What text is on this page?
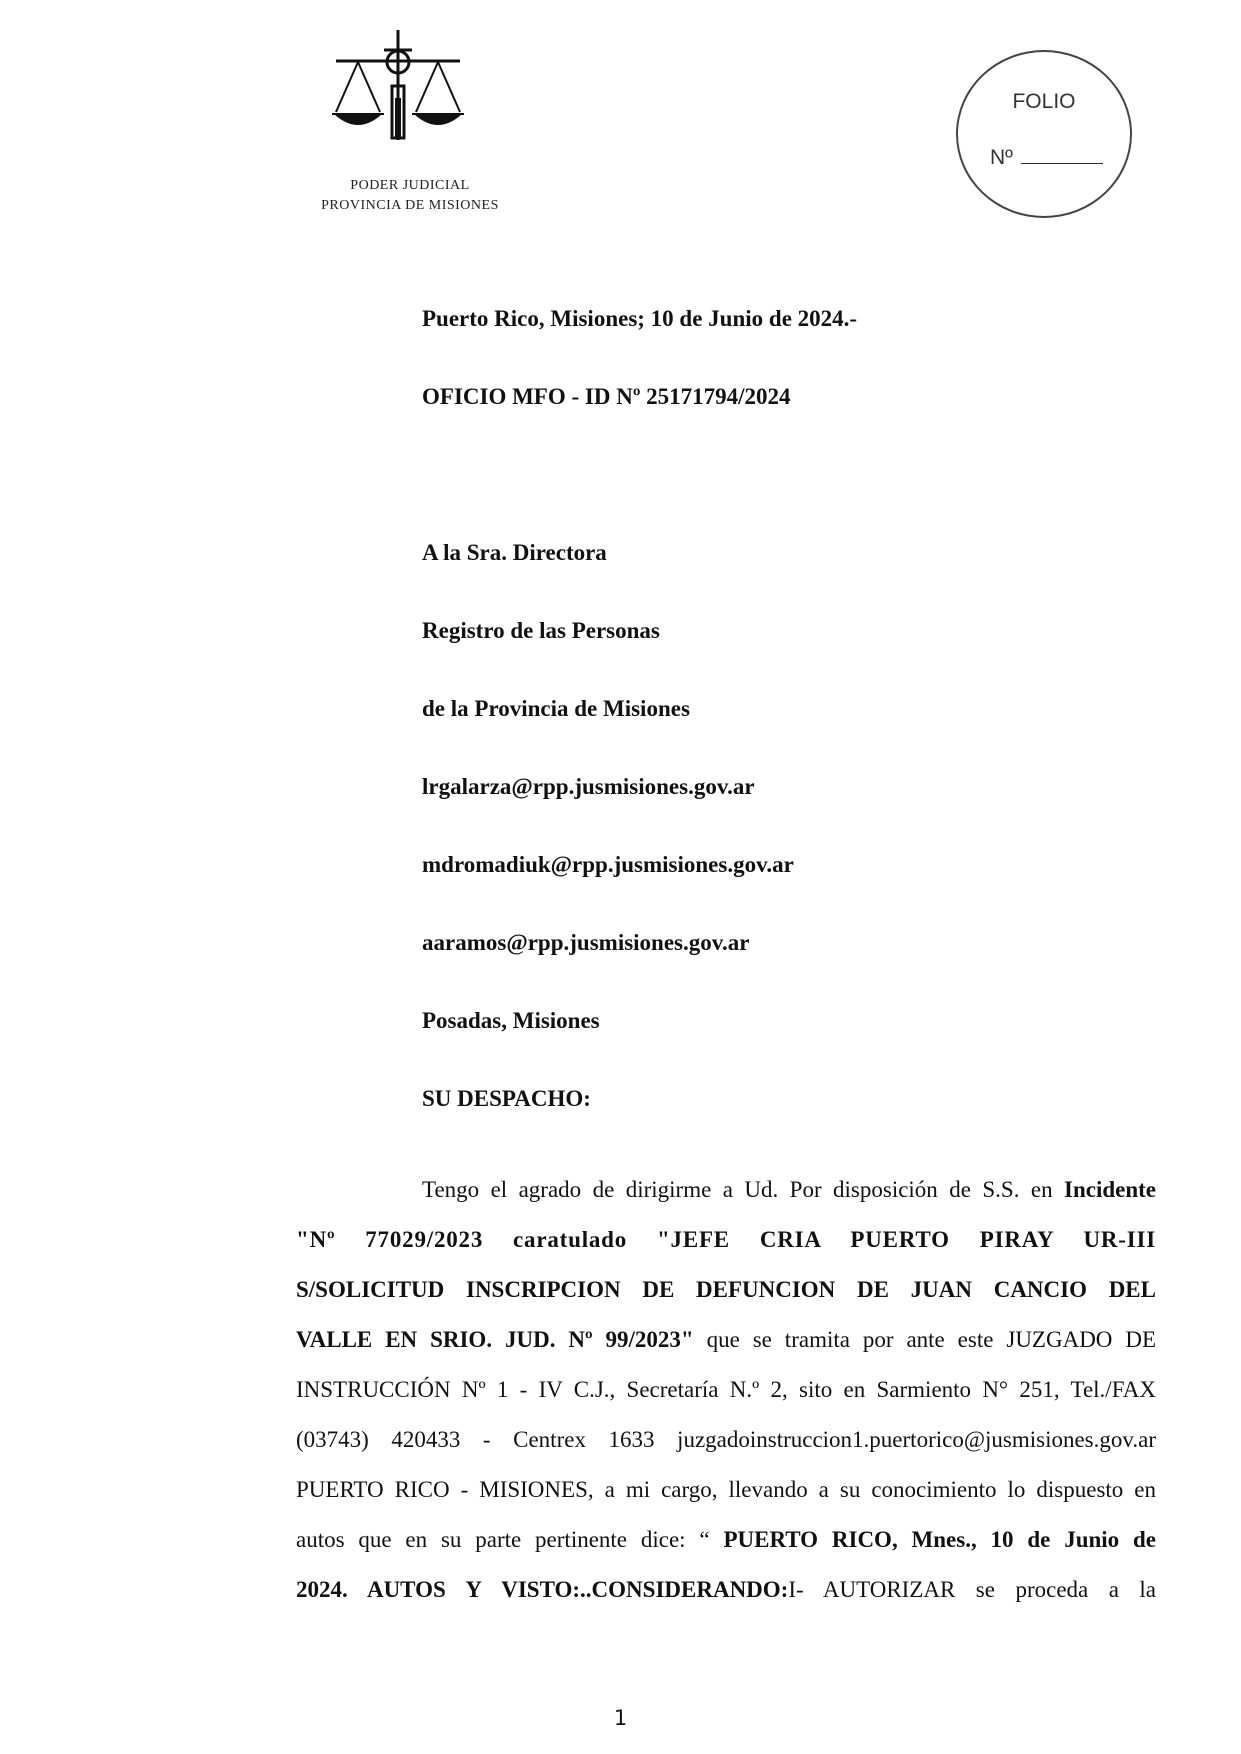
PODER JUDICIAL
PROVINCIA DE MISIONES
FOLIO
Nº
Puerto Rico, Misiones; 10 de Junio de 2024.-
OFICIO MFO - ID Nº 25171794/2024
A la Sra. Directora
Registro de las Personas
de la Provincia de Misiones
lrgalarza@rpp.jusmisiones.gov.ar
mdromadiuk@rpp.jusmisiones.gov.ar
aaramos@rpp.jusmisiones.gov.ar
Posadas, Misiones
SU DESPACHO:
Tengo el agrado de dirigirme a Ud. Por disposición de S.S. en Incidente
"Nº 77029/2023 caratulado "JEFE CRIA PUERTO PIRAY UR-III
S/SOLICITUD INSCRIPCION DE DEFUNCION DE JUAN CANCIO DEL
VALLE EN SRIO. JUD. Nº 99/2023" que se tramita por ante este JUZGADO DE
INSTRUCCIÓN Nº 1 - IV C.J., Secretaría N.º 2, sito en Sarmiento N° 251, Tel./FAX
(03743) 420433 - Centrex 1633 juzgadoinstruccion1.puertorico@jusmisiones.gov.ar
PUERTO RICO - MISIONES, a mi cargo, llevando a su conocimiento lo dispuesto en
autos que en su parte pertinente dice: “ PUERTO RICO, Mnes., 10 de Junio de
2024. AUTOS Y VISTO:..CONSIDERANDO:I- AUTORIZAR se proceda a la
1
